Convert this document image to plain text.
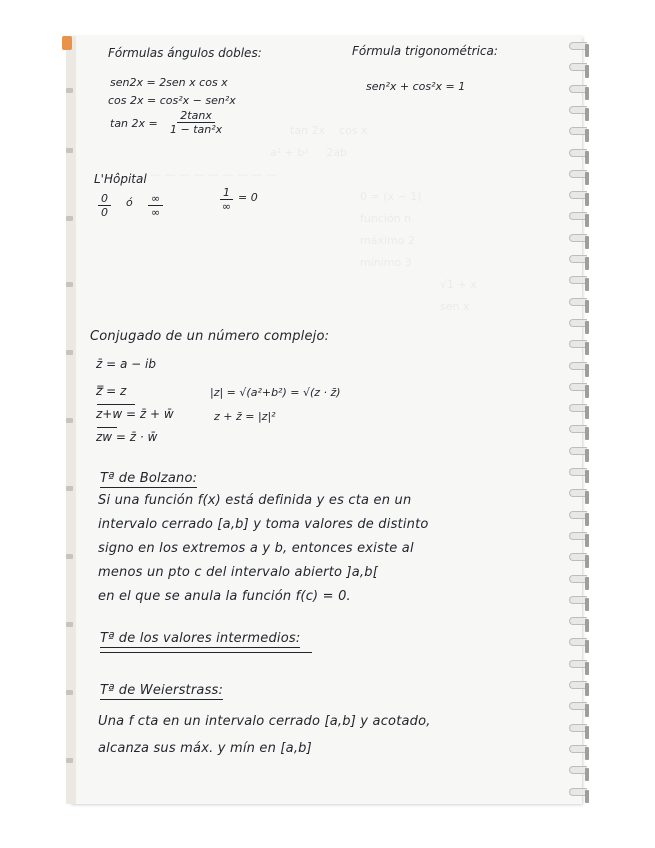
Fórmulas ángulos dobles:
sen2x = 2sen x cos x
cos 2x = cos²x − sen²x
$\tan 2x = \frac{2\tan x}{\text{1 − tan²x}}$
Fórmula trigonométrica:
sen²x + cos²x = 1
L'Hôpital
$\frac{0}{0}$ ó ∞
∞
1
∞
= 0
Conjugado de un número complejo:
z̄ = a − ib
z̿ = z
z+w = z̄ + w̄
zw = z̄ · w̄
|z| = √(a²+b²) = √(z · z̄)
z + z̄ = |z|²
Tª de Bolzano:
Si una función f(x) está definida y es cta en un
intervalo cerrado [a,b] y toma valores de distinto
signo en los extremos a y b, entonces existe al
menos un pto c del intervalo abierto ]a,b[
en el que se anula la función f(c) = 0.
Tª de los valores intermedios:
Tª de Weierstrass:
Una f cta en un intervalo cerrado [a,b] y acotado,
alcanza sus máx. y mín en [a,b]
